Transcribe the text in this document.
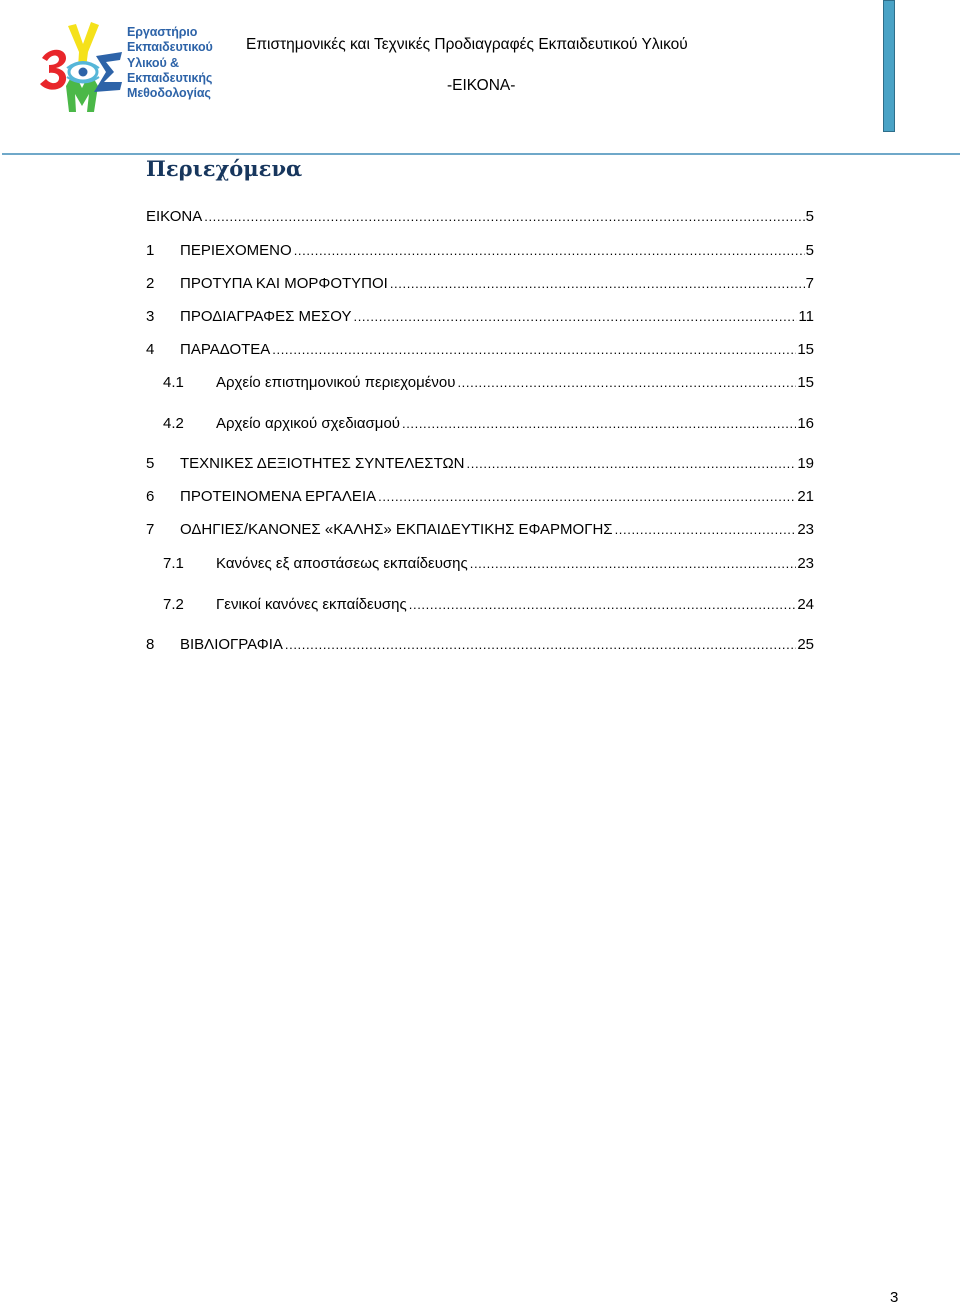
Εργαστήριο
Εκπαιδευτικού
Υλικού &
Εκπαιδευτικής
Μεθοδολογίας
Επιστημονικές και Τεχνικές Προδιαγραφές Εκπαιδευτικού Υλικού
-ΕΙΚΟΝΑ-
Περιεχόμενα
ΕΙΚΟΝΑ .....	5
1	ΠΕΡΙΕΧΟΜΕΝΟ .....	5
2	ΠΡΟΤΥΠΑ ΚΑΙ ΜΟΡΦΟΤΥΠΟΙ .....	7
3	ΠΡΟΔΙΑΓΡΑΦΕΣ ΜΕΣΟΥ .....	11
4	ΠΑΡΑΔΟΤΕΑ .....	15
4.1	Αρχείο επιστημονικού περιεχομένου .....	15
4.2	Αρχείο αρχικού σχεδιασμού .....	16
5	ΤΕΧΝΙΚΕΣ ΔΕΞΙΟΤΗΤΕΣ ΣΥΝΤΕΛΕΣΤΩΝ .....	19
6	ΠΡΟΤΕΙΝΟΜΕΝΑ ΕΡΓΑΛΕΙΑ .....	21
7	ΟΔΗΓΙΕΣ/ΚΑΝΟΝΕΣ «ΚΑΛΗΣ» ΕΚΠΑΙΔΕΥΤΙΚΗΣ ΕΦΑΡΜΟΓΗΣ .....	23
7.1	Κανόνες εξ αποστάσεως εκπαίδευσης .....	23
7.2	Γενικοί κανόνες εκπαίδευσης .....	24
8	ΒΙΒΛΙΟΓΡΑΦΙΑ .....	25
3
